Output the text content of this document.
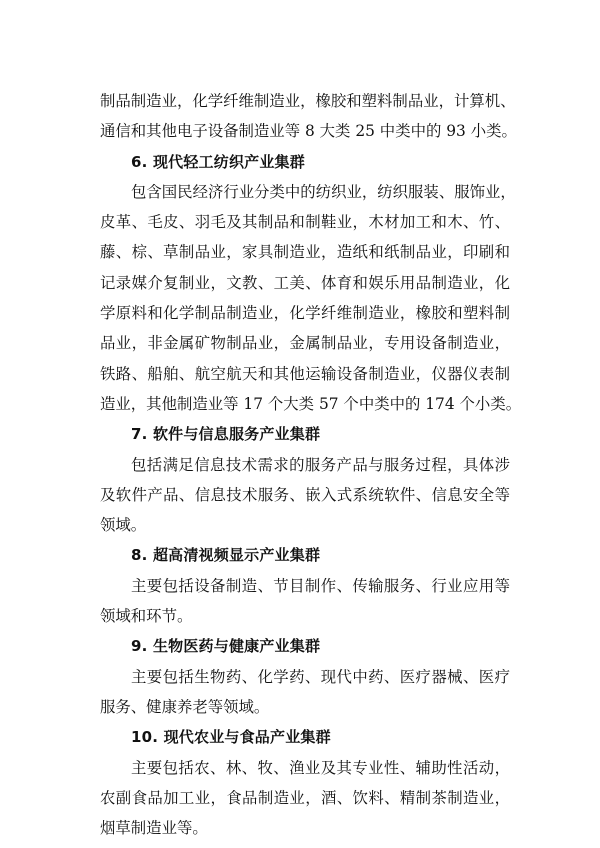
制品制造业，化学纤维制造业，橡胶和塑料制品业，计算机、
通信和其他电子设备制造业等 8 大类 25 中类中的 93 小类。
6. 现代轻工纺织产业集群
包含国民经济行业分类中的纺织业，纺织服装、服饰业，
皮革、毛皮、羽毛及其制品和制鞋业，木材加工和木、竹、
藤、棕、草制品业，家具制造业，造纸和纸制品业，印刷和
记录媒介复制业，文教、工美、体育和娱乐用品制造业，化
学原料和化学制品制造业，化学纤维制造业，橡胶和塑料制
品业，非金属矿物制品业，金属制品业，专用设备制造业，
铁路、船舶、航空航天和其他运输设备制造业，仪器仪表制
造业，其他制造业等 17 个大类 57 个中类中的 174 个小类。
7. 软件与信息服务产业集群
包括满足信息技术需求的服务产品与服务过程，具体涉
及软件产品、信息技术服务、嵌入式系统软件、信息安全等
领域。
8. 超高清视频显示产业集群
主要包括设备制造、节目制作、传输服务、行业应用等
领域和环节。
9. 生物医药与健康产业集群
主要包括生物药、化学药、现代中药、医疗器械、医疗
服务、健康养老等领域。
10. 现代农业与食品产业集群
主要包括农、林、牧、渔业及其专业性、辅助性活动，
农副食品加工业，食品制造业，酒、饮料、精制茶制造业，
烟草制造业等。
